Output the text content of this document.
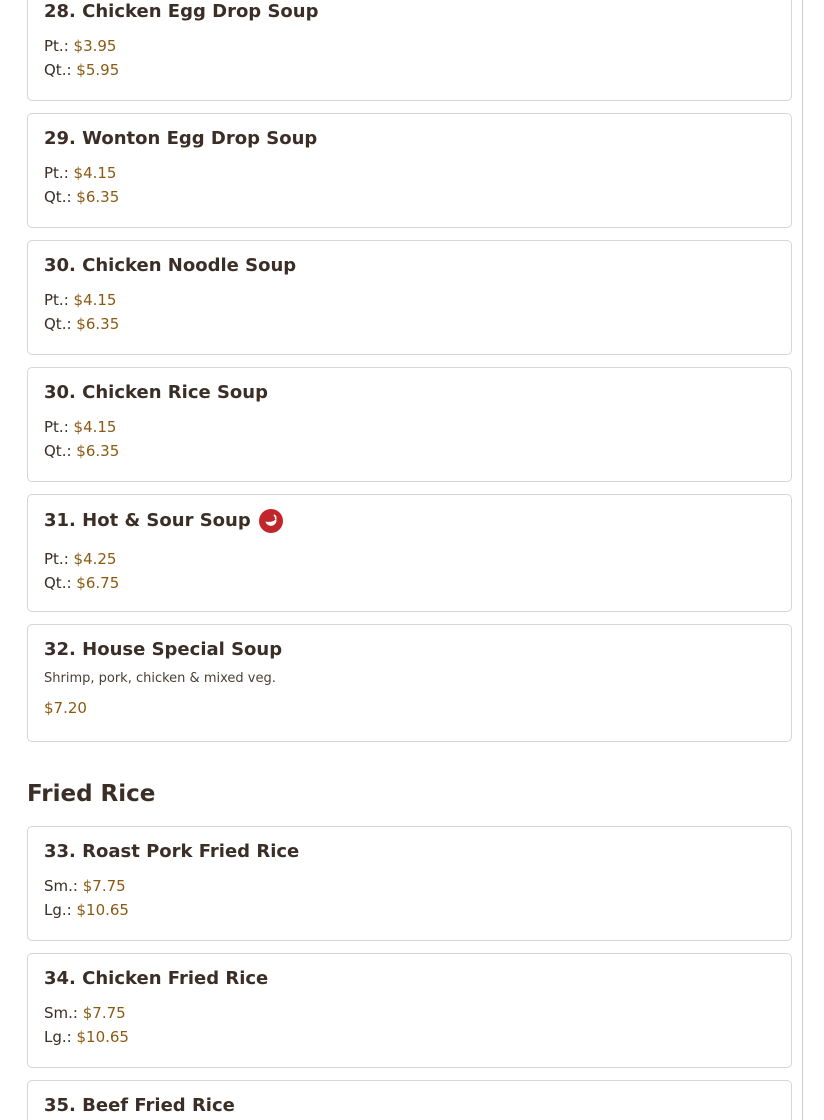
28. Chicken Egg Drop Soup
Pt.: $3.95
Qt.: $5.95
29. Wonton Egg Drop Soup
Pt.: $4.15
Qt.: $6.35
30. Chicken Noodle Soup
Pt.: $4.15
Qt.: $6.35
30. Chicken Rice Soup
Pt.: $4.15
Qt.: $6.35
31. Hot & Sour Soup
Pt.: $4.25
Qt.: $6.75
32. House Special Soup
Shrimp, pork, chicken & mixed veg.
$7.20
Fried Rice
33. Roast Pork Fried Rice
Sm.: $7.75
Lg.: $10.65
34. Chicken Fried Rice
Sm.: $7.75
Lg.: $10.65
35. Beef Fried Rice
